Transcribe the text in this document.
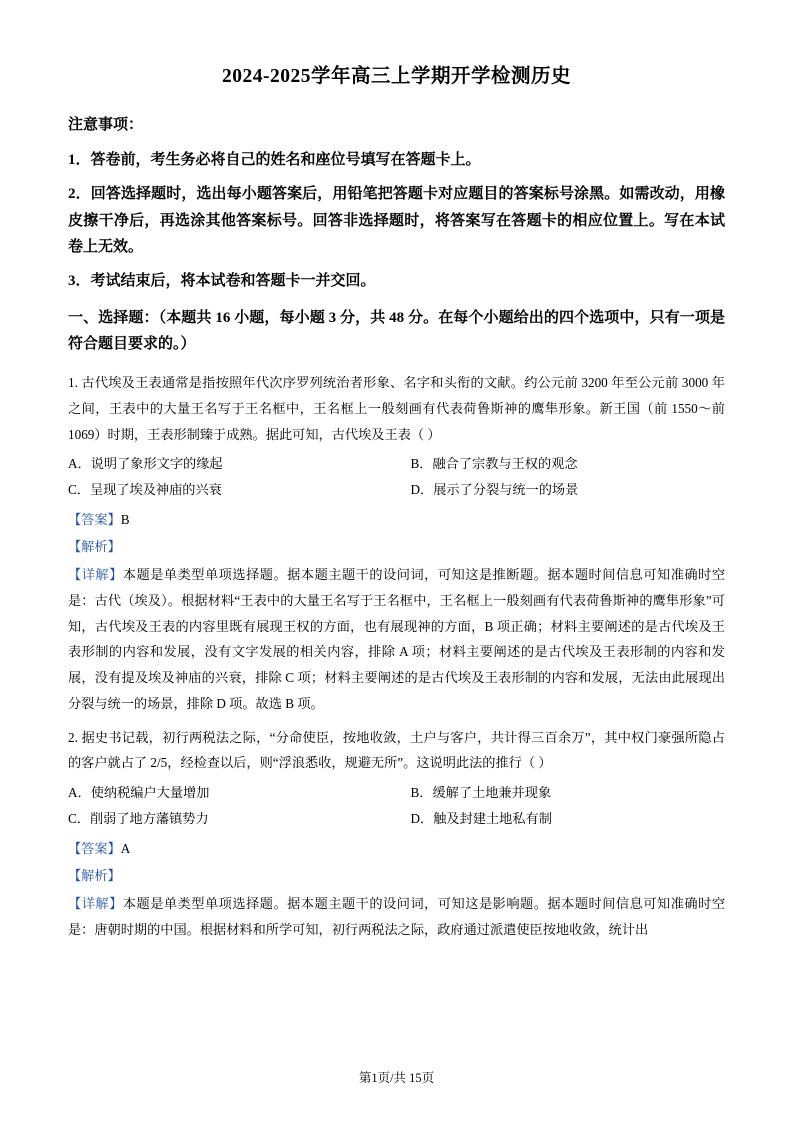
2024-2025学年高三上学期开学检测历史

注意事项：

1．答卷前，考生务必将自己的姓名和座位号填写在答题卡上。

2．回答选择题时，选出每小题答案后，用铅笔把答题卡对应题目的答案标号涂黑。如需改动，用橡皮擦干净后，再选涂其他答案标号。回答非选择题时，将答案写在答题卡的相应位置上。写在本试卷上无效。

3．考试结束后，将本试卷和答题卡一并交回。

一、选择题：（本题共 16 小题，每小题 3 分，共 48 分。在每个小题给出的四个选项中，只有一项是符合题目要求的。）

1. 古代埃及王表通常是指按照年代次序罗列统治者形象、名字和头衔的文献。约公元前 3200 年至公元前 3000 年之间，王表中的大量王名写于王名框中，王名框上一般刻画有代表荷鲁斯神的鹰隼形象。新王国（前 1550～前 1069）时期，王表形制臻于成熟。据此可知，古代埃及王表（ ）

A．说明了象形文字的缘起	B．融合了宗教与王权的观念
C．呈现了埃及神庙的兴衰	D．展示了分裂与统一的场景

【答案】B

【解析】

【详解】本题是单类型单项选择题。据本题主题干的设问词，可知这是推断题。据本题时间信息可知准确时空是：古代（埃及）。根据材料“王表中的大量王名写于王名框中，王名框上一般刻画有代表荷鲁斯神的鹰隼形象”可知，古代埃及王表的内容里既有展现王权的方面，也有展现神的方面，B 项正确；材料主要阐述的是古代埃及王表形制的内容和发展，没有文字发展的相关内容，排除 A 项；材料主要阐述的是古代埃及王表形制的内容和发展，没有提及埃及神庙的兴衰，排除 C 项；材料主要阐述的是古代埃及王表形制的内容和发展，无法由此展现出分裂与统一的场景，排除 D 项。故选 B 项。

2. 据史书记载，初行两税法之际，“分命使臣，按地收敛，土户与客户，共计得三百余万”，其中权门豪强所隐占的客户就占了 2/5，经检查以后，则“浮浪悉收，规避无所”。这说明此法的推行（ ）

A．使纳税编户大量增加	B．缓解了土地兼并现象
C．削弱了地方藩镇势力	D．触及封建土地私有制

【答案】A

【解析】

【详解】本题是单类型单项选择题。据本题主题干的设问词，可知这是影响题。据本题时间信息可知准确时空是：唐朝时期的中国。根据材料和所学可知，初行两税法之际，政府通过派遣使臣按地收敛，统计出

第1页/共 15页
